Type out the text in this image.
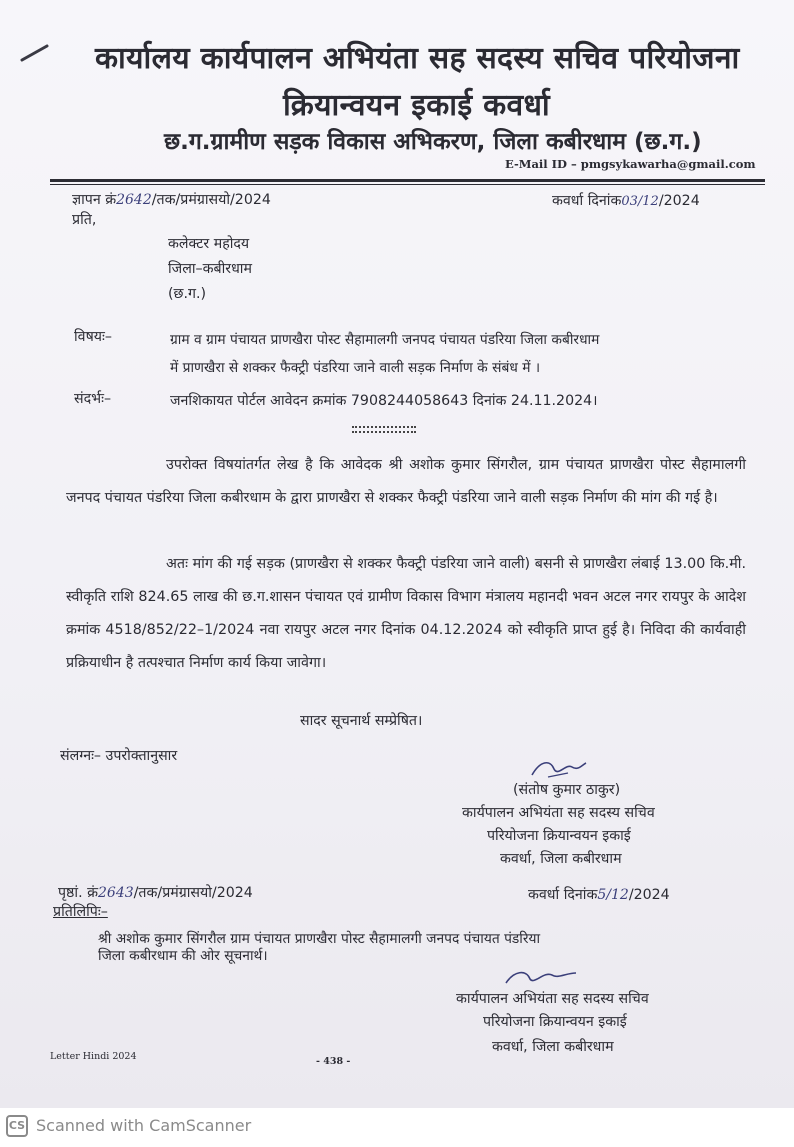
कार्यालय कार्यपालन अभियंता सह सदस्य सचिव परियोजना
क्रियान्वयन इकाई कवर्धा
छ.ग.ग्रामीण सड़क विकास अभिकरण, जिला कबीरधाम (छ.ग.)
E-Mail ID – pmgsykawarha@gmail.com
ज्ञापन क्रं2642/तक/प्रमंग्रासयो/2024	कवर्धा दिनांक03/12/2024
प्रति,
कलेक्टर महोदय
जिला–कबीरधाम
(छ.ग.)
विषयः–	ग्राम व ग्राम पंचायत प्राणखैरा पोस्ट सैहामालगी जनपद पंचायत पंडरिया जिला कबीरधाम
में प्राणखैरा से शक्कर फैक्ट्री पंडरिया जाने वाली सड़क निर्माण के संबंध में ।
संदर्भः–	जनशिकायत पोर्टल आवेदन क्रमांक 7908244058643 दिनांक 24.11.2024।
उपरोक्त विषयांतर्गत लेख है कि आवेदक श्री अशोक कुमार सिंगरौल, ग्राम पंचायत प्राणखैरा पोस्ट सैहामालगी जनपद पंचायत पंडरिया जिला कबीरधाम के द्वारा प्राणखैरा से शक्कर फैक्ट्री पंडरिया जाने वाली सड़क निर्माण की मांग की गई है।
अतः मांग की गई सड़क (प्राणखैरा से शक्कर फैक्ट्री पंडरिया जाने वाली) बसनी से प्राणखैरा लंबाई 13.00 कि.मी. स्वीकृति राशि 824.65 लाख की छ.ग.शासन पंचायत एवं ग्रामीण विकास विभाग मंत्रालय महानदी भवन अटल नगर रायपुर के आदेश क्रमांक 4518/852/22–1/2024 नवा रायपुर अटल नगर दिनांक 04.12.2024 को स्वीकृति प्राप्त हुई है। निविदा की कार्यवाही प्रक्रियाधीन है तत्पश्चात निर्माण कार्य किया जावेगा।
सादर सूचनार्थ सम्प्रेषित।
संलग्नः– उपरोक्तानुसार
(संतोष कुमार ठाकुर)
कार्यपालन अभियंता सह सदस्य सचिव
परियोजना क्रियान्वयन इकाई
कवर्धा, जिला कबीरधाम
पृष्ठां. क्रं2643/तक/प्रमंग्रासयो/2024	कवर्धा दिनांक5/12/2024
प्रतिलिपिः–
श्री अशोक कुमार सिंगरौल ग्राम पंचायत प्राणखैरा पोस्ट सैहामालगी जनपद पंचायत पंडरिया
जिला कबीरधाम की ओर सूचनार्थ।
कार्यपालन अभियंता सह सदस्य सचिव
परियोजना क्रियान्वयन इकाई
कवर्धा, जिला कबीरधाम
Letter Hindi 2024	- 438 -
CS Scanned with CamScanner
